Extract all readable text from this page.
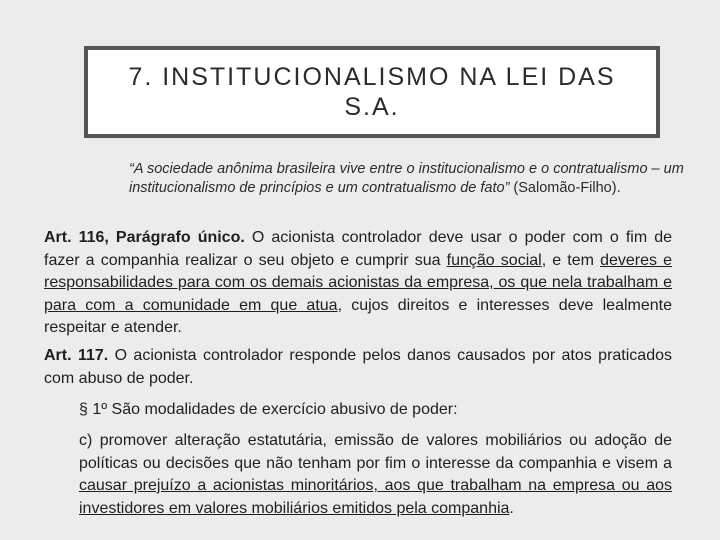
7. INSTITUCIONALISMO NA LEI DAS
S.A.
“A sociedade anônima brasileira vive entre o institucionalismo e o contratualismo – um institucionalismo de princípios e um contratualismo de fato” (Salomão-Filho).
Art. 116, Parágrafo único. O acionista controlador deve usar o poder com o fim de fazer a companhia realizar o seu objeto e cumprir sua função social, e tem deveres e responsabilidades para com os demais acionistas da empresa, os que nela trabalham e para com a comunidade em que atua, cujos direitos e interesses deve lealmente respeitar e atender.
Art. 117. O acionista controlador responde pelos danos causados por atos praticados com abuso de poder.
§ 1º São modalidades de exercício abusivo de poder:
c) promover alteração estatutária, emissão de valores mobiliários ou adoção de políticas ou decisões que não tenham por fim o interesse da companhia e visem a causar prejuízo a acionistas minoritários, aos que trabalham na empresa ou aos investidores em valores mobiliários emitidos pela companhia.
